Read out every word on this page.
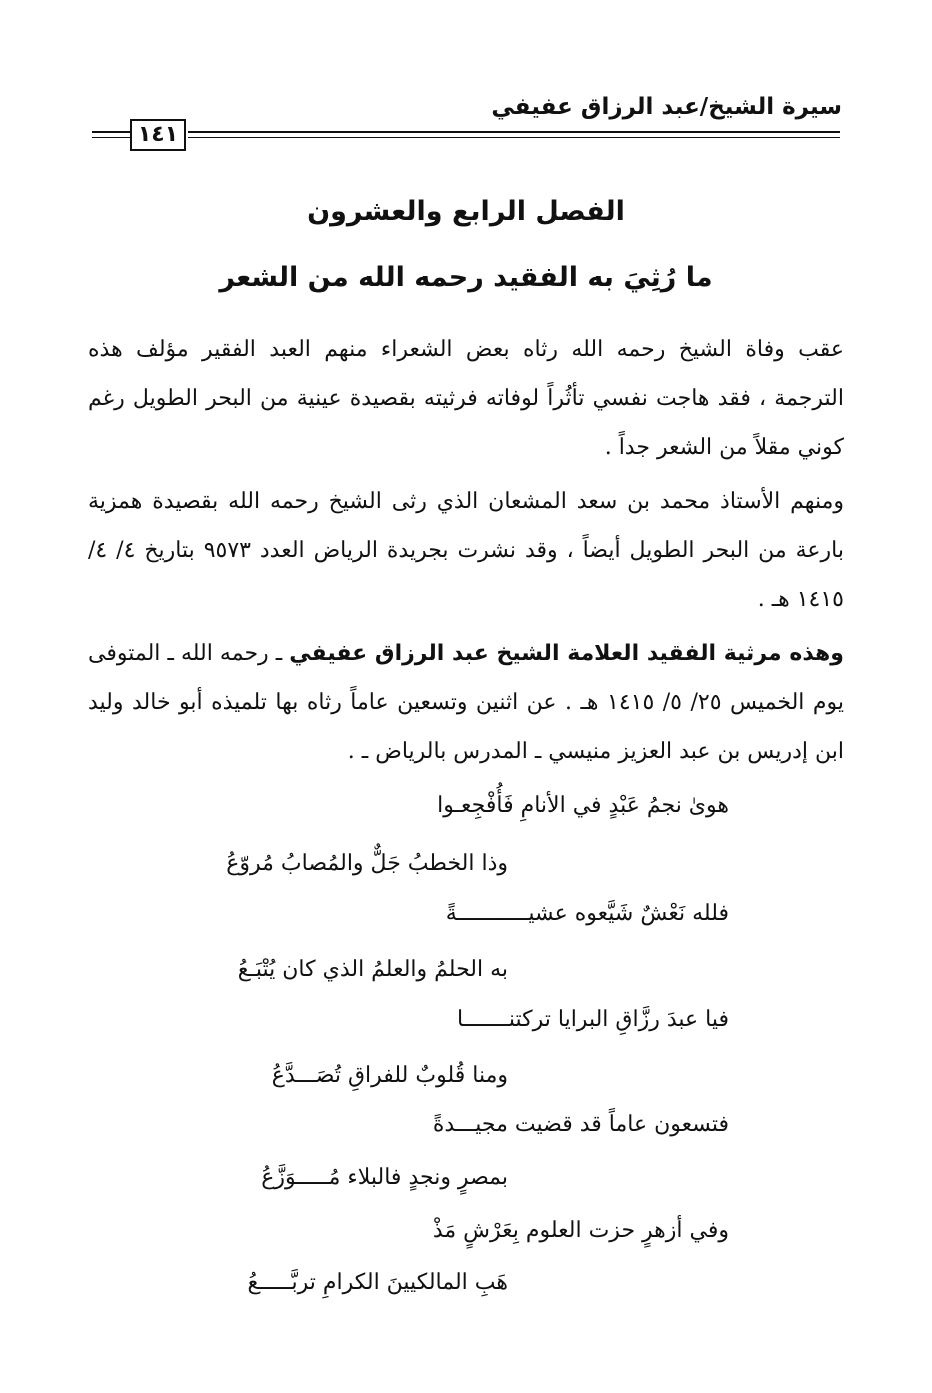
سيرة الشيخ/عبد الرزاق عفيفي
١٤١
الفصل الرابع والعشرون
ما رُثِيَ به الفقيد رحمه الله من الشعر
عقب وفاة الشيخ رحمه الله رثاه بعض الشعراء منهم العبد الفقير مؤلف هذه الترجمة ، فقد هاجت نفسي تأثُراً لوفاته فرثيته بقصيدة عينية من البحر الطويل رغم كوني مقلاً من الشعر جداً .
ومنهم الأستاذ محمد بن سعد المشعان الذي رثى الشيخ رحمه الله بقصيدة همزية بارعة من البحر الطويل أيضاً ، وقد نشرت بجريدة الرياض العدد ٩٥٧٣ بتاريخ ٤/ ٤/ ١٤١٥ هـ .
وهذه مرثية الفقيد العلامة الشيخ عبد الرزاق عفيفي ـ رحمه الله ـ المتوفى يوم الخميس ٢٥/ ٥/ ١٤١٥ هـ . عن اثنين وتسعين عاماً رثاه بها تلميذه أبو خالد وليد ابن إدريس بن عبد العزيز منيسي ـ المدرس بالرياض ـ .
هوىٰ نجمُ عَبْدٍ في الأنامِ فَأُفْجِعـوا
وذا الخطبُ جَلٌّ والمُصابُ مُروّعُ
فلله نَعْشٌ شَيَّعوه عشيـــــــــــةً
به الحلمُ والعلمُ الذي كان يُتْبَـعُ
فيا عبدَ رزَّاقِ البرايا تركتنـــــــا
ومنا قُلوبٌ للفراقِ تُصَـــدَّعُ
فتسعون عاماً قد قضيت مجيـــدةً
بمصرٍ ونجدٍ فالبلاء مُـــــوَزَّعُ
وفي أزهرٍ حزت العلوم بِعَرْشٍ مَذْ
هَبِ المالكيينَ الكرامِ تربَّـــــعُ
